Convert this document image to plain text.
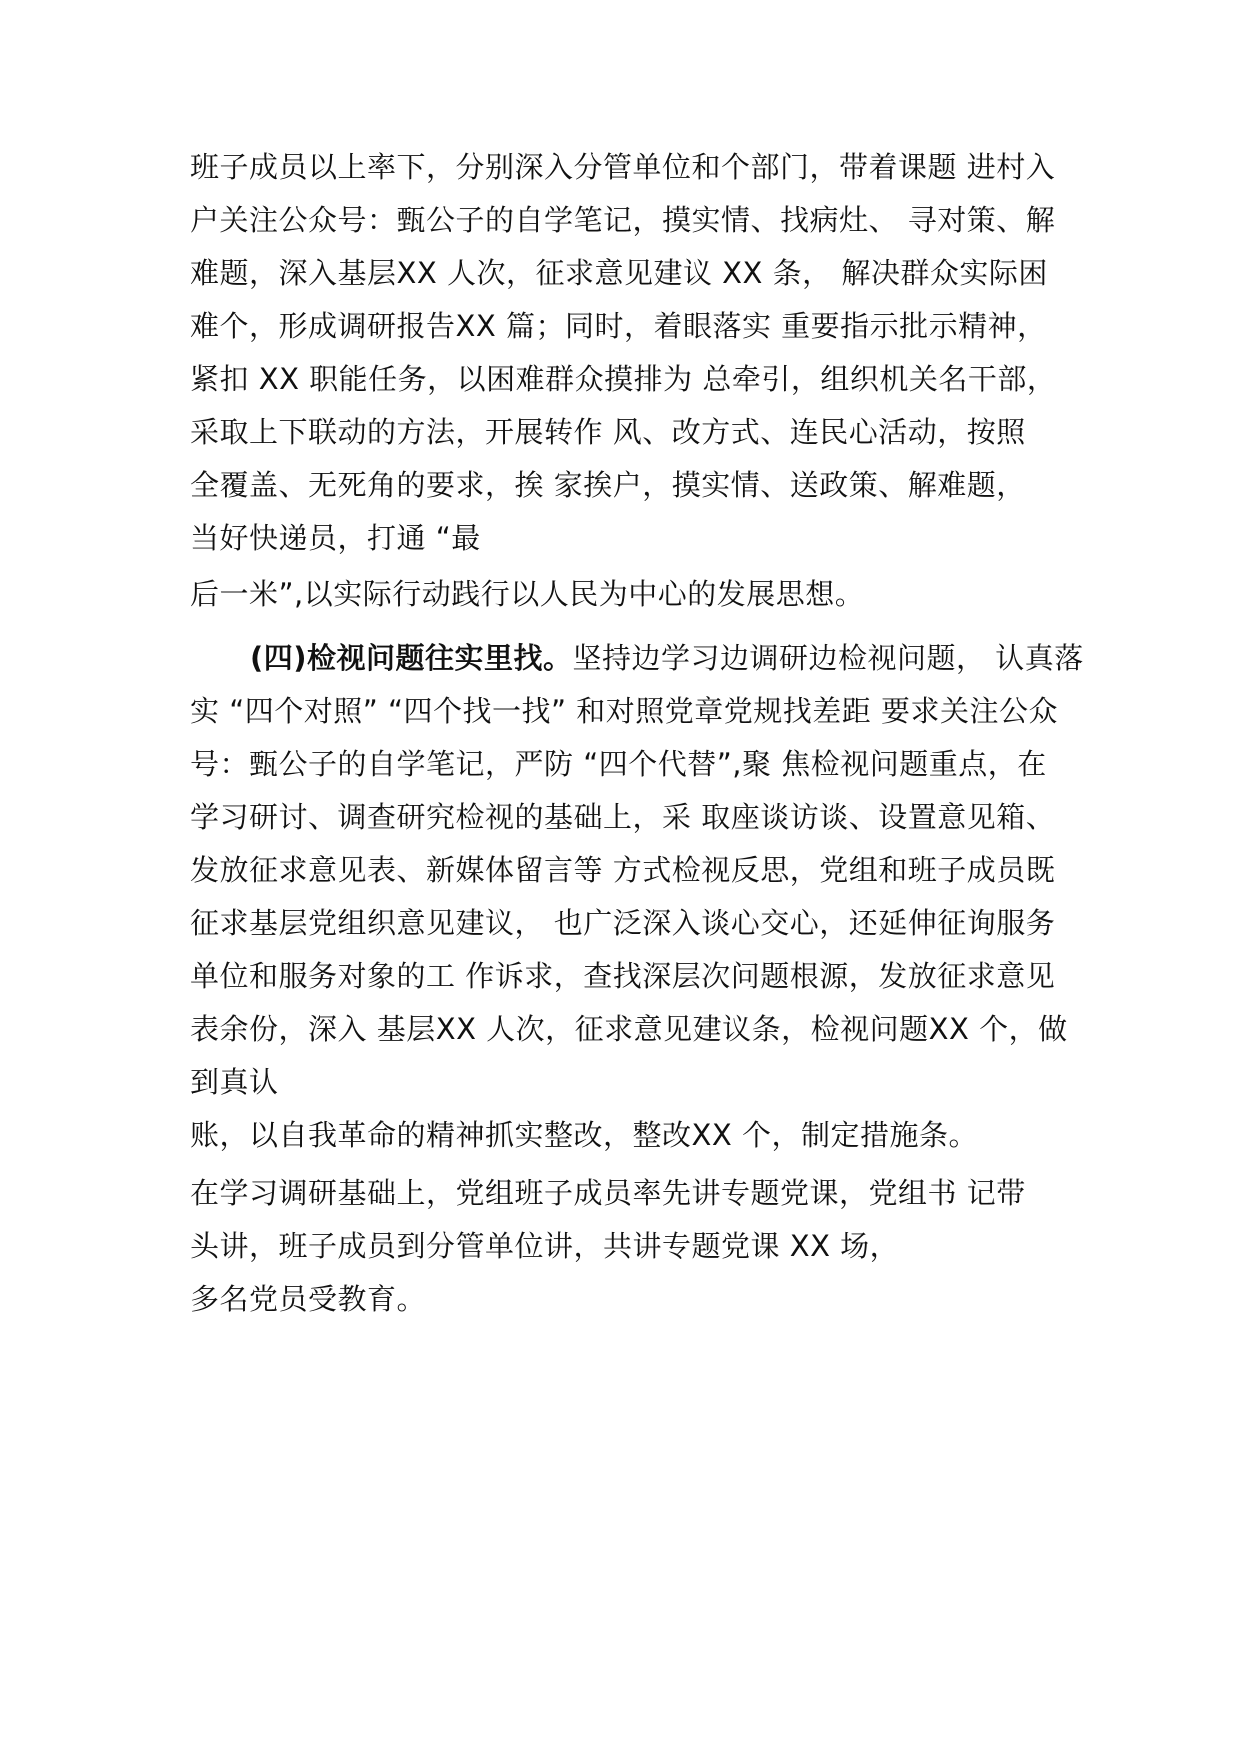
班子成员以上率下，分别深入分管单位和个部门，带着课题 进村入

户关注公众号：甄公子的自学笔记，摸实情、找病灶、 寻对策、解

难题，深入基层XX 人次，征求意见建议 XX 条， 解决群众实际困

难个，形成调研报告XX 篇；同时，着眼落实 重要指示批示精神，

紧扣 XX 职能任务，以困难群众摸排为 总牵引，组织机关名干部，

采取上下联动的方法，开展转作 风、改方式、连民心活动，按照

全覆盖、无死角的要求，挨 家挨户，摸实情、送政策、解难题，

当好快递员，打通 “最

后一米”,以实际行动践行以人民为中心的发展思想。

(四)检视问题往实里找。坚持边学习边调研边检视问题， 认真落

实 “四个对照” “四个找一找” 和对照党章党规找差距 要求关注公众

号：甄公子的自学笔记，严防 “四个代替”,聚 焦检视问题重点，在

学习研讨、调查研究检视的基础上，采 取座谈访谈、设置意见箱、

发放征求意见表、新媒体留言等 方式检视反思，党组和班子成员既

征求基层党组织意见建议， 也广泛深入谈心交心，还延伸征询服务

单位和服务对象的工 作诉求，查找深层次问题根源，发放征求意见

表余份，深入 基层XX 人次，征求意见建议条，检视问题XX 个，做

到真认

账，以自我革命的精神抓实整改，整改XX 个，制定措施条。

在学习调研基础上，党组班子成员率先讲专题党课，党组书 记带

头讲，班子成员到分管单位讲，共讲专题党课 XX 场，

多名党员受教育。
